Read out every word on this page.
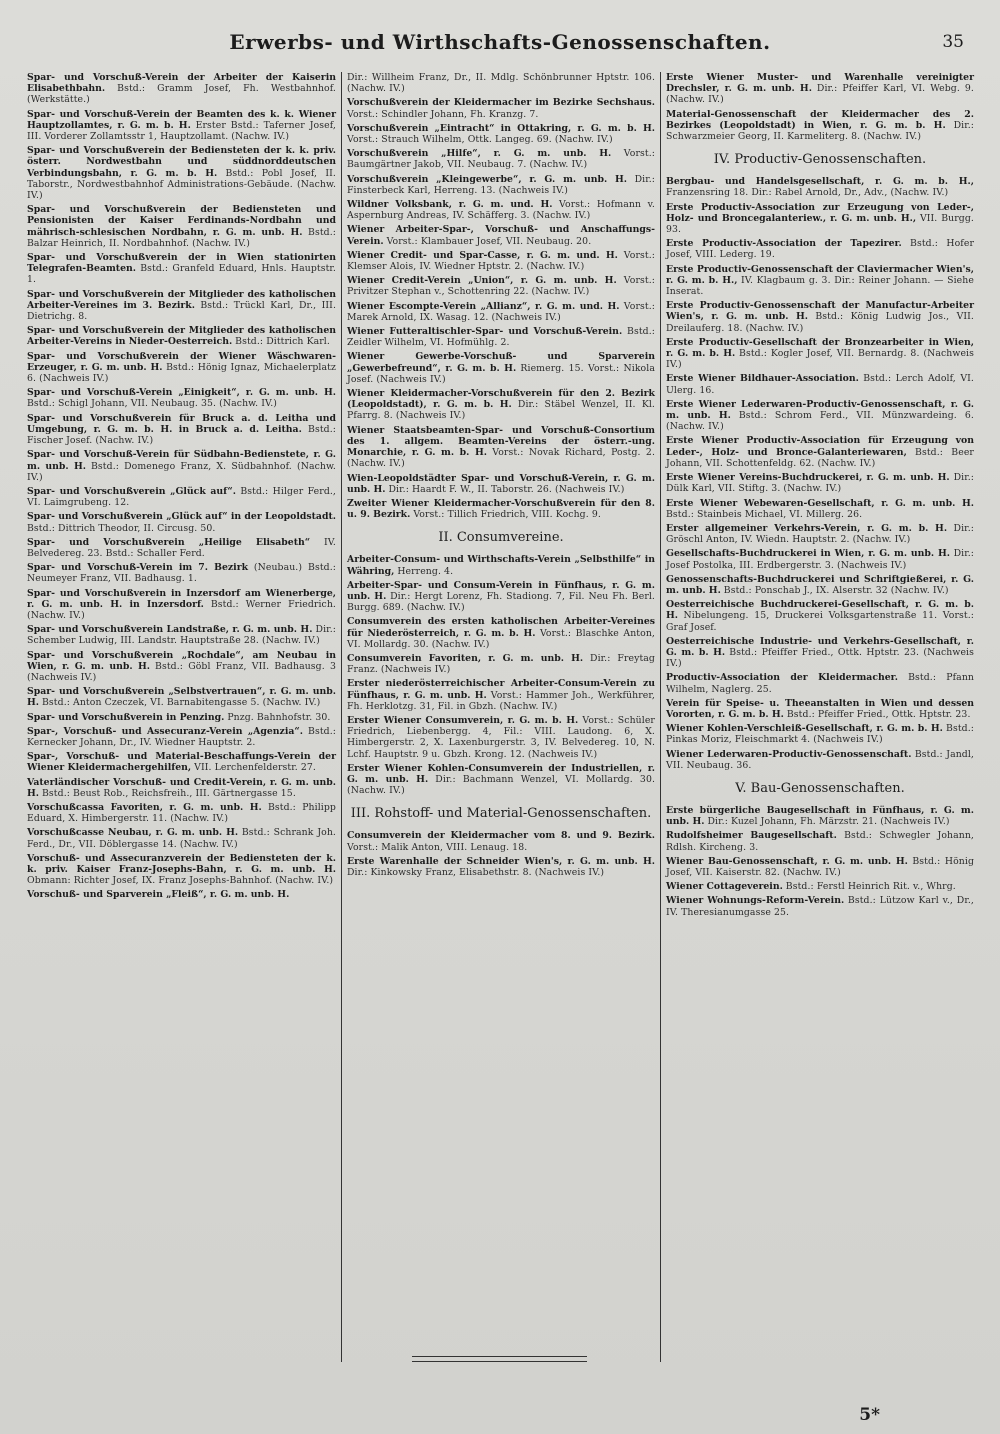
Erwerbs- und Wirthschafts-Genossenschaften.	35
Spar- und Vorschuß-Verein der Arbeiter der Kaiserin Elisabethbahn. Bstd.: Gramm Josef, Fh. Westbahnhof. (Werkstätte.)
Spar- und Vorschuß-Verein der Beamten des k. k. Wiener Hauptzollamtes, r. G. m. b. H. Erster Bstd.: Taferner Josef, III. Vorderer Zollamtsstr 1, Hauptzollamt. (Nachw. IV.)
Spar- und Vorschußverein der Bediensteten der k. k. priv. österr. Nordwestbahn und süddnorddeutschen Verbindungsbahn, r. G. m. b. H. Bstd.: Pobl Josef, II. Taborstr., Nordwestbahnhof Administrations-Gebäude. (Nachw. IV.)
Spar- und Vorschußverein der Bediensteten und Pensionisten der Kaiser Ferdinands-Nordbahn und mährisch-schlesischen Nordbahn, r. G. m. unb. H. Bstd.: Balzar Heinrich, II. Nordbahnhof. (Nachw. IV.)
Spar- und Vorschußverein der in Wien stationirten Telegrafen-Beamten. Bstd.: Granfeld Eduard, Hnls. Hauptstr. 1.
Spar- und Vorschußverein der Mitglieder des katholischen Arbeiter-Vereines im 3. Bezirk. Bstd.: Trückl Karl, Dr., III. Dietrichg. 8.
Spar- und Vorschußverein der Mitglieder des katholischen Arbeiter-Vereins in Nieder-Oesterreich. Bstd.: Dittrich Karl.
Spar- und Vorschußverein der Wiener Wäschwaren-Erzeuger, r. G. m. unb. H. Bstd.: Hönig Ignaz, Michaelerplatz 6. (Nachweis IV.)
Spar- und Vorschuß-Verein „Einigkeit“, r. G. m. unb. H. Bstd.: Schigl Johann, VII. Neubaug. 35. (Nachw. IV.)
Spar- und Vorschußverein für Bruck a. d. Leitha und Umgebung, r. G. m. b. H. in Bruck a. d. Leitha. Bstd.: Fischer Josef. (Nachw. IV.)
Spar- und Vorschuß-Verein für Südbahn-Bedienstete, r. G. m. unb. H. Bstd.: Domenego Franz, X. Südbahnhof. (Nachw. IV.)
Spar- und Vorschußverein „Glück auf“. Bstd.: Hilger Ferd., VI. Laimgrubeng. 12.
Spar- und Vorschußverein „Glück auf“ in der Leopoldstadt. Bstd.: Dittrich Theodor, II. Circusg. 50.
Spar- und Vorschußverein „Heilige Elisabeth“ IV. Belvedereg. 23. Bstd.: Schaller Ferd.
Spar- und Vorschuß-Verein im 7. Bezirk (Neubau.) Bstd.: Neumeyer Franz, VII. Badhausg. 1.
Spar- und Vorschußverein in Inzersdorf am Wienerberge, r. G. m. unb. H. in Inzersdorf. Bstd.: Werner Friedrich. (Nachw. IV.)
Spar- und Vorschußverein Landstraße, r. G. m. unb. H. Dir.: Schember Ludwig, III. Landstr. Hauptstraße 28. (Nachw. IV.)
Spar- und Vorschußverein „Rochdale“, am Neubau in Wien, r. G. m. unb. H. Bstd.: Göbl Franz, VII. Badhausg. 3 (Nachweis IV.)
Spar- und Vorschußverein „Selbstvertrauen“, r. G. m. unb. H. Bstd.: Anton Czeczek, VI. Barnabitengasse 5. (Nachw. IV.)
Spar- und Vorschußverein in Penzing. Pnzg. Bahnhofstr. 30.
Spar-, Vorschuß- und Assecuranz-Verein „Agenzia“. Bstd.: Kernecker Johann, Dr., IV. Wiedner Hauptstr. 2.
Spar-, Vorschuß- und Material-Beschaffungs-Verein der Wiener Kleidermachergehilfen, VII. Lerchenfelderstr. 27.
Vaterländischer Vorschuß- und Credit-Verein, r. G. m. unb. H. Bstd.: Beust Rob., Reichsfreih., III. Gärtnergasse 15.
Vorschußcassa Favoriten, r. G. m. unb. H. Bstd.: Philipp Eduard, X. Himbergerstr. 11. (Nachw. IV.)
Vorschußcasse Neubau, r. G. m. unb. H. Bstd.: Schrank Joh. Ferd., Dr., VII. Döblergasse 14. (Nachw. IV.)
Vorschuß- und Assecuranzverein der Bediensteten der k. k. priv. Kaiser Franz-Josephs-Bahn, r. G. m. unb. H. Obmann: Richter Josef, IX. Franz Josephs-Bahnhof. (Nachw. IV.)
Vorschuß- und Sparverein „Fleiß“, r. G. m. unb. H.
Dir.: Willheim Franz, Dr., II. Mdlg. Schönbrunner Hptstr. 106. (Nachw. IV.)
Vorschußverein der Kleidermacher im Bezirke Sechshaus. Vorst.: Schindler Johann, Fh. Kranzg. 7.
Vorschußverein „Eintracht“ in Ottakring, r. G. m. b. H. Vorst.: Strauch Wilhelm, Ottk. Langeg. 69. (Nachw. IV.)
Vorschußverein „Hilfe“, r. G. m. unb. H. Vorst.: Baumgärtner Jakob, VII. Neubaug. 7. (Nachw. IV.)
Vorschußverein „Kleingewerbe“, r. G. m. unb. H. Dir.: Finsterbeck Karl, Herreng. 13. (Nachweis IV.)
Wildner Volksbank, r. G. m. und. H. Vorst.: Hofmann v. Aspernburg Andreas, IV. Schäfferg. 3. (Nachw. IV.)
Wiener Arbeiter-Spar-, Vorschuß- und Anschaffungs-Verein. Vorst.: Klambauer Josef, VII. Neubaug. 20.
Wiener Credit- und Spar-Casse, r. G. m. und. H. Vorst.: Klemser Alois, IV. Wiedner Hptstr. 2. (Nachw. IV.)
Wiener Credit-Verein „Union“, r. G. m. unb. H. Vorst.: Privitzer Stephan v., Schottenring 22. (Nachw. IV.)
Wiener Escompte-Verein „Allianz“, r. G. m. und. H. Vorst.: Marek Arnold, IX. Wasag. 12. (Nachweis IV.)
Wiener Futteraltischler-Spar- und Vorschuß-Verein. Bstd.: Zeidler Wilhelm, VI. Hofmühlg. 2.
Wiener Gewerbe-Vorschuß- und Sparverein „Gewerbefreund“, r. G. m. b. H. Riemerg. 15. Vorst.: Nikola Josef. (Nachweis IV.)
Wiener Kleidermacher-Vorschußverein für den 2. Bezirk (Leopoldstadt), r. G. m. b. H. Dir.: Stäbel Wenzel, II. Kl. Pfarrg. 8. (Nachweis IV.)
Wiener Staatsbeamten-Spar- und Vorschuß-Consortium des 1. allgem. Beamten-Vereins der österr.-ung. Monarchie, r. G. m. b. H. Vorst.: Novak Richard, Postg. 2. (Nachw. IV.)
Wien-Leopoldstädter Spar- und Vorschuß-Verein, r. G. m. unb. H. Dir.: Haardt F. W., II. Taborstr. 26. (Nachweis IV.)
Zweiter Wiener Kleidermacher-Vorschußverein für den 8. u. 9. Bezirk. Vorst.: Tillich Friedrich, VIII. Kochg. 9.
II. Consumvereine.
Arbeiter-Consum- und Wirthschafts-Verein „Selbsthilfe“ in Währing, Herreng. 4.
Arbeiter-Spar- und Consum-Verein in Fünfhaus, r. G. m. unb. H. Dir.: Hergt Lorenz, Fh. Stadiong. 7, Fil. Neu Fh. Berl. Burgg. 689. (Nachw. IV.)
Consumverein des ersten katholischen Arbeiter-Vereines für Niederösterreich, r. G. m. b. H. Vorst.: Blaschke Anton, VI. Mollardg. 30. (Nachw. IV.)
Consumverein Favoriten, r. G. m. unb. H. Dir.: Freytag Franz. (Nachweis IV.)
Erster niederösterreichischer Arbeiter-Consum-Verein zu Fünfhaus, r. G. m. unb. H. Vorst.: Hammer Joh., Werkführer, Fh. Herklotzg. 31, Fil. in Gbzh. (Nachw. IV.)
Erster Wiener Consumverein, r. G. m. b. H. Vorst.: Schüler Friedrich, Liebenbergg. 4, Fil.: VIII. Laudong. 6, X. Himbergerstr. 2, X. Laxenburgerstr. 3, IV. Belvedereg. 10, N. Lchf. Hauptstr. 9 u. Gbzh. Krong. 12. (Nachweis IV.)
Erster Wiener Kohlen-Consumverein der Industriellen, r. G. m. unb. H. Dir.: Bachmann Wenzel, VI. Mollardg. 30. (Nachw. IV.)
III. Rohstoff- und Material-Genossenschaften.
Consumverein der Kleidermacher vom 8. und 9. Bezirk. Vorst.: Malik Anton, VIII. Lenaug. 18.
Erste Warenhalle der Schneider Wien's, r. G. m. unb. H. Dir.: Kinkowsky Franz, Elisabethstr. 8. (Nachweis IV.)
Erste Wiener Muster- und Warenhalle vereinigter Drechsler, r. G. m. unb. H. Dir.: Pfeiffer Karl, VI. Webg. 9. (Nachw. IV.)
Material-Genossenschaft der Kleidermacher des 2. Bezirkes (Leopoldstadt) in Wien, r. G. m. b. H. Dir.: Schwarzmeier Georg, II. Karmeliterg. 8. (Nachw. IV.)
IV. Productiv-Genossenschaften.
Bergbau- und Handelsgesellschaft, r. G. m. b. H., Franzensring 18. Dir.: Rabel Arnold, Dr., Adv., (Nachw. IV.)
Erste Productiv-Association zur Erzeugung von Leder-, Holz- und Broncegalanteriew., r. G. m. unb. H., VII. Burgg. 93.
Erste Productiv-Association der Tapezirer. Bstd.: Hofer Josef, VIII. Lederg. 19.
Erste Productiv-Genossenschaft der Claviermacher Wien's, r. G. m. b. H., IV. Klagbaum g. 3. Dir.: Reiner Johann. — Siehe Inserat.
Erste Productiv-Genossenschaft der Manufactur-Arbeiter Wien's, r. G. m. unb. H. Bstd.: König Ludwig Jos., VII. Dreilauferg. 18. (Nachw. IV.)
Erste Productiv-Gesellschaft der Bronzearbeiter in Wien, r. G. m. b. H. Bstd.: Kogler Josef, VII. Bernardg. 8. (Nachweis IV.)
Erste Wiener Bildhauer-Association. Bstd.: Lerch Adolf, VI. Ulerg. 16.
Erste Wiener Lederwaren-Productiv-Genossenschaft, r. G. m. unb. H. Bstd.: Schrom Ferd., VII. Münzwardeing. 6. (Nachw. IV.)
Erste Wiener Productiv-Association für Erzeugung von Leder-, Holz- und Bronce-Galanteriewaren, Bstd.: Beer Johann, VII. Schottenfeldg. 62. (Nachw. IV.)
Erste Wiener Vereins-Buchdruckerei, r. G. m. unb. H. Dir.: Dülk Karl, VII. Stiftg. 3. (Nachw. IV.)
Erste Wiener Webewaren-Gesellschaft, r. G. m. unb. H. Bstd.: Stainbeis Michael, VI. Millerg. 26.
Erster allgemeiner Verkehrs-Verein, r. G. m. b. H. Dir.: Gröschl Anton, IV. Wiedn. Hauptstr. 2. (Nachw. IV.)
Gesellschafts-Buchdruckerei in Wien, r. G. m. unb. H. Dir.: Josef Postolka, III. Erdbergerstr. 3. (Nachweis IV.)
Genossenschafts-Buchdruckerei und Schriftgießerei, r. G. m. unb. H. Bstd.: Ponschab J., IX. Alserstr. 32 (Nachw. IV.)
Oesterreichische Buchdruckerei-Gesellschaft, r. G. m. b. H. Nibelungeng. 15, Druckerei Volksgartenstraße 11. Vorst.: Graf Josef.
Oesterreichische Industrie- und Verkehrs-Gesellschaft, r. G. m. b. H. Bstd.: Pfeiffer Fried., Ottk. Hptstr. 23. (Nachweis IV.)
Productiv-Association der Kleidermacher. Bstd.: Pfann Wilhelm, Naglerg. 25.
Verein für Speise- u. Theeanstalten in Wien und dessen Vororten, r. G. m. b. H. Bstd.: Pfeiffer Fried., Ottk. Hptstr. 23.
Wiener Kohlen-Verschleiß-Gesellschaft, r. G. m. b. H. Bstd.: Pinkas Moriz, Fleischmarkt 4. (Nachweis IV.)
Wiener Lederwaren-Productiv-Genossenschaft. Bstd.: Jandl, VII. Neubaug. 36.
V. Bau-Genossenschaften.
Erste bürgerliche Baugesellschaft in Fünfhaus, r. G. m. unb. H. Dir.: Kuzel Johann, Fh. Märzstr. 21. (Nachweis IV.)
Rudolfsheimer Baugesellschaft. Bstd.: Schwegler Johann, Rdlsh. Kircheng. 3.
Wiener Bau-Genossenschaft, r. G. m. unb. H. Bstd.: Hönig Josef, VII. Kaiserstr. 82. (Nachw. IV.)
Wiener Cottageverein. Bstd.: Ferstl Heinrich Rit. v., Whrg.
Wiener Wohnungs-Reform-Verein. Bstd.: Lützow Karl v., Dr., IV. Theresianumgasse 25.
5*
